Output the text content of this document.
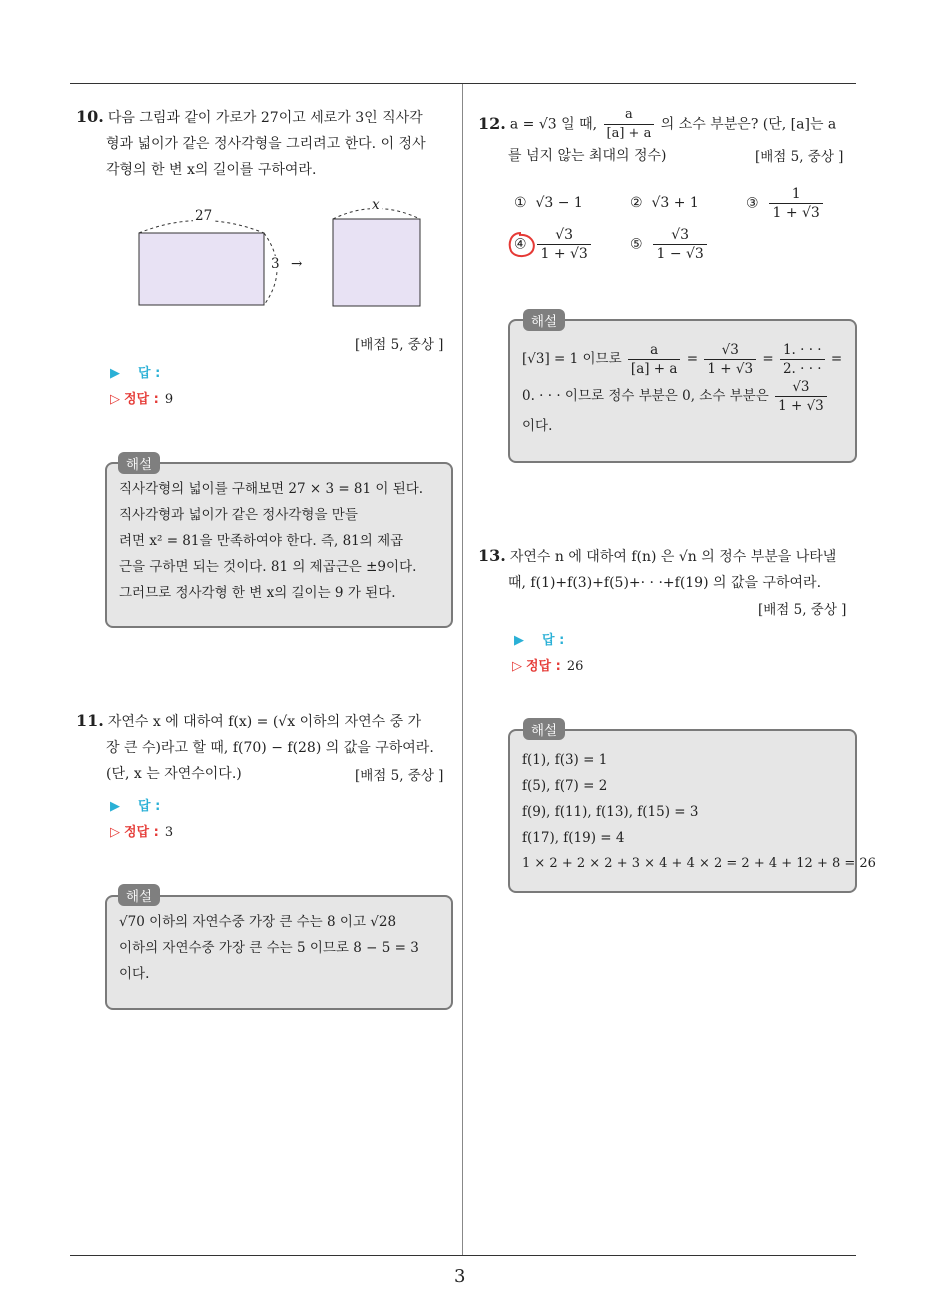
10. 다음 그림과 같이 가로가 27이고 세로가 3인 직사각
형과 넓이가 같은 정사각형을 그리려고 한다. 이 정사
각형의 한 변 x의 길이를 구하여라.
27
3 →
x
[배점 5, 중상 ]
▶ 답 :
▷ 정답 : 9
직사각형의 넓이를 구해보면 27 × 3 = 81 이 된다.
직사각형과 넓이가 같은 정사각형을 만들
려면 x² = 81을 만족하여야 한다. 즉, 81의 제곱
근을 구하면 되는 것이다. 81 의 제곱근은 ±9이다.
그러므로 정사각형 한 변 x의 길이는 9 가 된다.
해설
11. 자연수 x 에 대하여 f(x) = (√x 이하의 자연수 중 가
장 큰 수)라고 할 때, f(70) − f(28) 의 값을 구하여라.
(단, x 는 자연수이다.)	[배점 5, 중상 ]
▶ 답 :
▷ 정답 : 3
√70 이하의 자연수중 가장 큰 수는 8 이고 √28
이하의 자연수중 가장 큰 수는 5 이므로 8 − 5 = 3
이다.
해설
12. a = √3 일 때, $\frac{a}{[a] + a}$ 의 소수 부분은? (단, [a]는 a
를 넘지 않는 최대의 정수)	[배점 5, 중상 ]
① √3 − 1	② √3 + 1	③ $\frac{1}{1 + √3}$
④ $\frac{√3}{1 + √3}$	⑤ $\frac{√3}{1 - √3}$
[√3] = 1 이므로 $\frac{a}{[a] + a} = \frac{√3}{1 + √3} = \frac{1. \cdot \cdot \cdot}{2. \cdot \cdot \cdot}$ =
0. · · · 이므로 정수 부분은 0, 소수 부분은 $\frac{√3}{1 + √3}$
이다.
해설
13. 자연수 n 에 대하여 f(n) 은 √n 의 정수 부분을 나타낼
때, f(1)+f(3)+f(5)+· · ·+f(19) 의 값을 구하여라.
[배점 5, 중상 ]
▶ 답 :
▷ 정답 : 26
f(1), f(3) = 1
f(5), f(7) = 2
f(9), f(11), f(13), f(15) = 3
f(17), f(19) = 4
1 × 2 + 2 × 2 + 3 × 4 + 4 × 2 = 2 + 4 + 12 + 8 = 26
해설
3
